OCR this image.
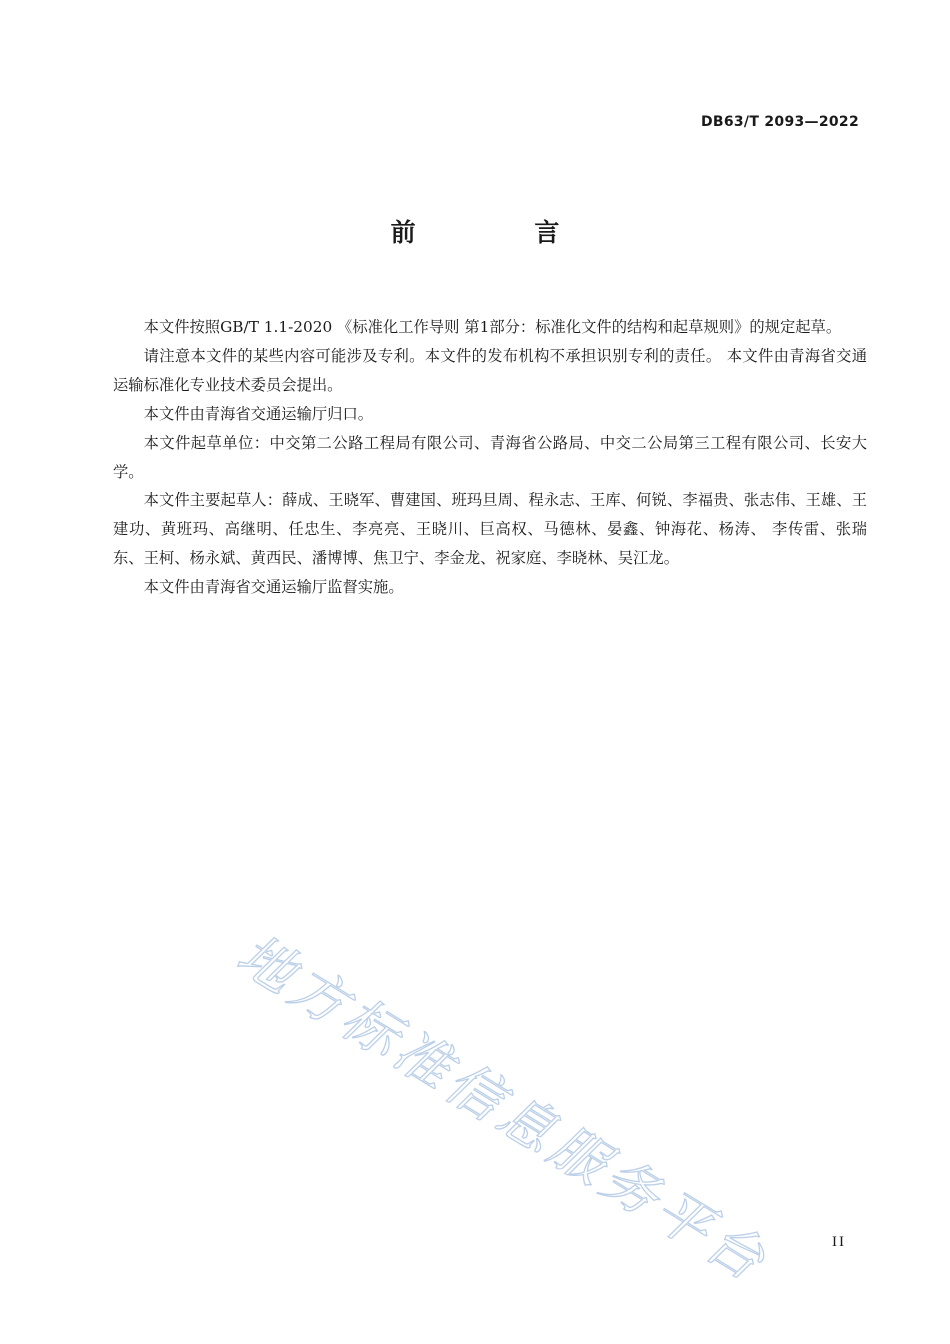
DB63/T 2093—2022
前 言

本文件按照GB/T 1.1-2020 《标准化工作导则 第1部分：标准化文件的结构和起草规则》的规定起草。

请注意本文件的某些内容可能涉及专利。本文件的发布机构不承担识别专利的责任。 本文件由青海省交通运输标准化专业技术委员会提出。

本文件由青海省交通运输厅归口。

本文件起草单位：中交第二公路工程局有限公司、青海省公路局、中交二公局第三工程有限公司、长安大学。

本文件主要起草人：薛成、王晓军、曹建国、班玛旦周、程永志、王库、何锐、李福贵、张志伟、王雄、王建功、黄班玛、高继明、任忠生、李亮亮、王晓川、巨高权、马德林、晏鑫、钟海花、杨涛、 李传雷、张瑞东、王柯、杨永斌、黄西民、潘博博、焦卫宁、李金龙、祝家庭、李晓林、吴江龙。

本文件由青海省交通运输厅监督实施。

地方标准信息服务平台	II
